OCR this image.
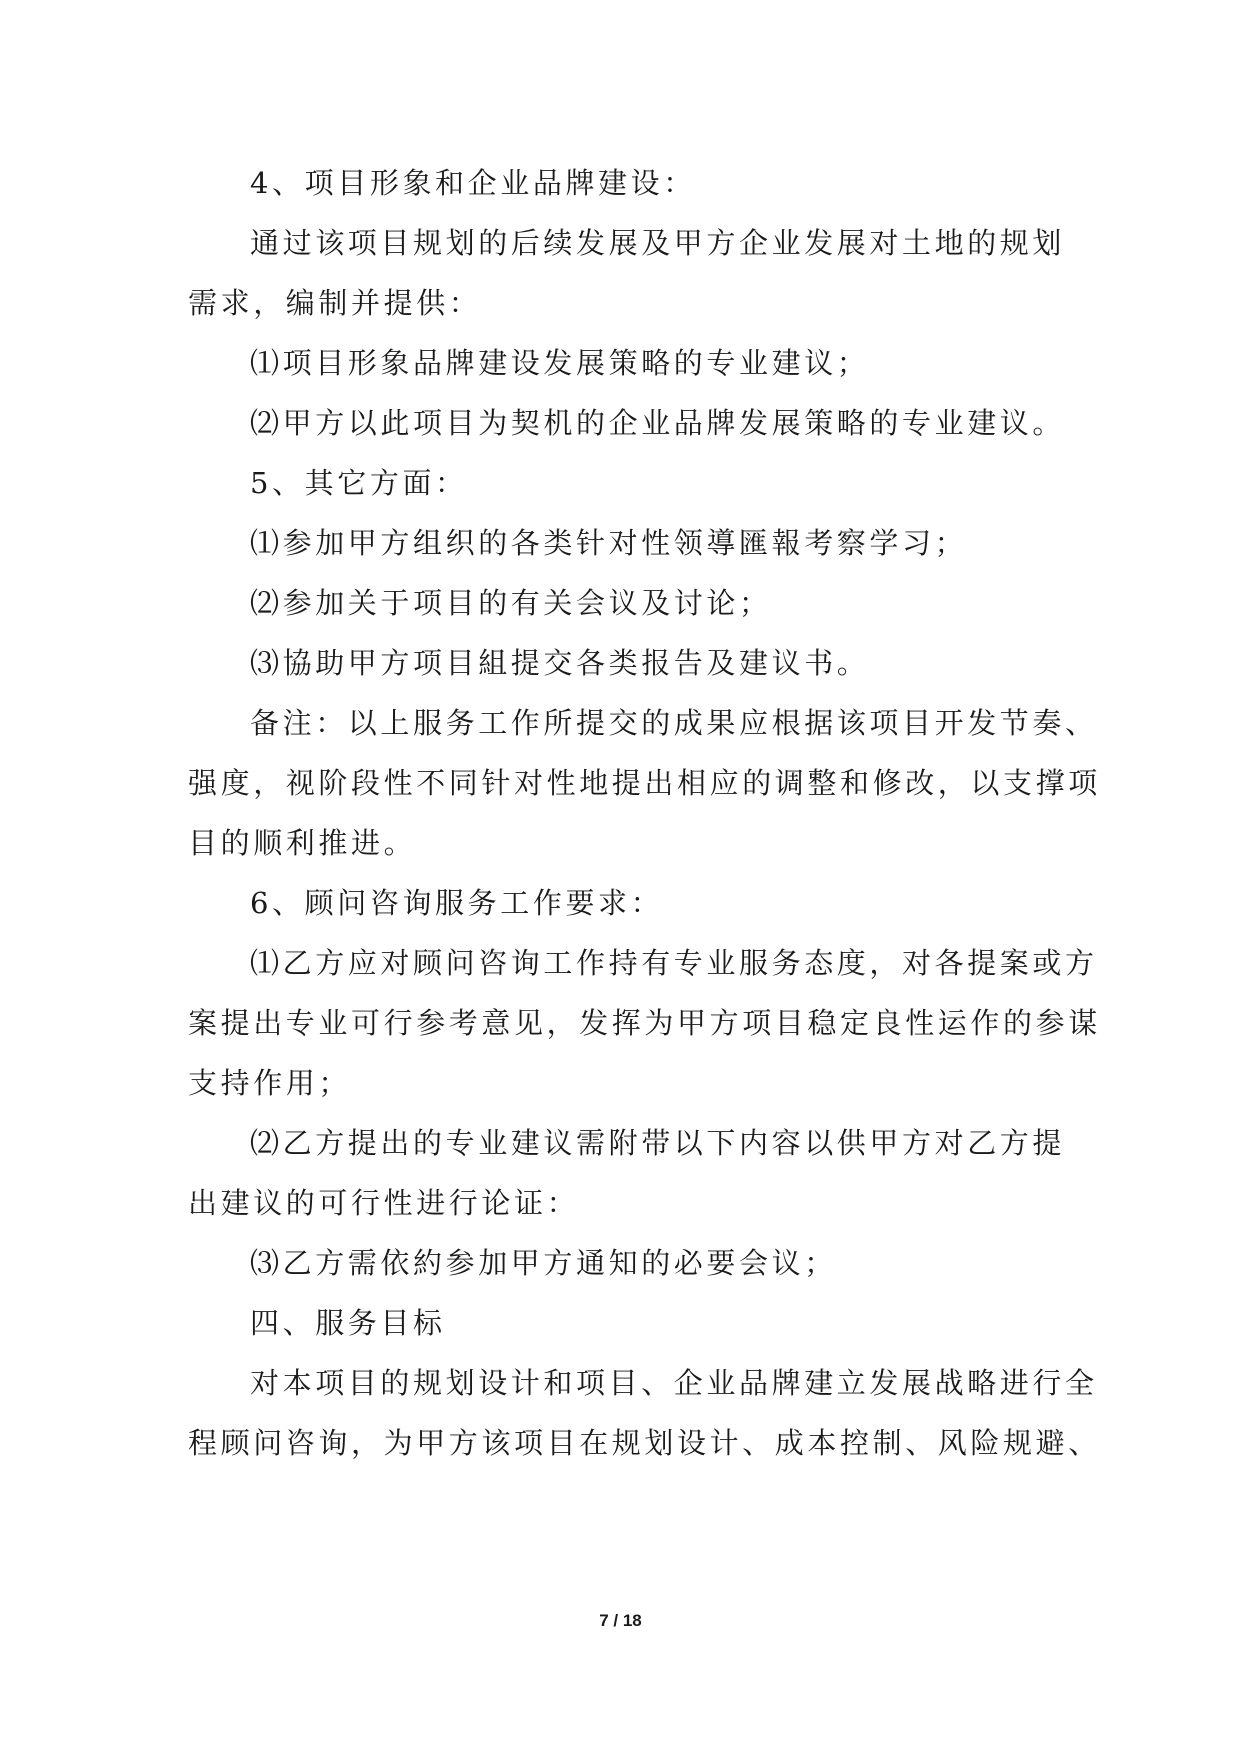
4、项目形象和企业品牌建设：
通过该项目规划的后续发展及甲方企业发展对土地的规划
需求，编制并提供：
⑴项目形象品牌建设发展策略的专业建议；
⑵甲方以此项目为契机的企业品牌发展策略的专业建议。
5、其它方面：
⑴参加甲方组织的各类针对性领導匯報考察学习；
⑵参加关于项目的有关会议及讨论；
⑶協助甲方项目組提交各类报告及建议书。
备注：以上服务工作所提交的成果应根据该项目开发节奏、
强度，视阶段性不同针对性地提出相应的调整和修改，以支撑项
目的顺利推进。
6、顾问咨询服务工作要求：
⑴乙方应对顾问咨询工作持有专业服务态度，对各提案或方
案提出专业可行参考意见，发挥为甲方项目稳定良性运作的参谋
支持作用；
⑵乙方提出的专业建议需附带以下内容以供甲方对乙方提
出建议的可行性进行论证：
⑶乙方需依約参加甲方通知的必要会议；
四、服务目标
对本项目的规划设计和项目、企业品牌建立发展战略进行全
程顾问咨询，为甲方该项目在规划设计、成本控制、风险规避、
7 / 18
